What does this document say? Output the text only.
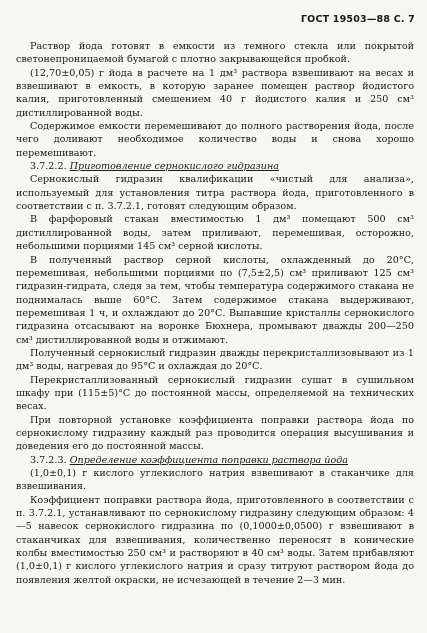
ГОСТ 19503—88 С. 7

Раствор йода готовят в емкости из темного стекла или покрытой светонепроницаемой бумагой с плотно закрывающейся пробкой.

(12,70±0,05) г йода в расчете на 1 дм³ раствора взвешивают на весах и взвешивают в емкость, в которую заранее помещен раствор йодистого калия, приготовленный смешением 40 г йодистого калия и 250 см³ дистиллированной воды.

Содержимое емкости перемешивают до полного растворения йода, после чего доливают необходимое количество воды и снова хорошо перемешивают.

3.7.2.2. Приготовление сернокислого гидразина

Сернокислый гидразин квалификации «чистый для анализа», используемый для установления титра раствора йода, приготовленного в соответствии с п. 3.7.2.1, готовят следующим образом.

В фарфоровый стакан вместимостью 1 дм³ помещают 500 см³ дистиллированной воды, затем приливают, перемешивая, осторожно, небольшими порциями 145 см³ серной кислоты.

В полученный раствор серной кислоты, охлажденный до 20°С, перемешивая, небольшими порциями по (7,5±2,5) см³ приливают 125 см³ гидразин-гидрата, следя за тем, чтобы температура содержимого стакана не поднималась выше 60°С. Затем содержимое стакана выдерживают, перемешивая 1 ч, и охлаждают до 20°С. Выпавшие кристаллы сернокислого гидразина отсасывают на воронке Бюхнера, промывают дважды 200—250 см³ дистиллированной воды и отжимают.

Полученный сернокислый гидразин дважды перекристаллизовывают из 1 дм³ воды, нагревая до 95°С и охлаждая до 20°С.

Перекристаллизованный сернокислый гидразин сушат в сушильном шкафу при (115±5)°С до постоянной массы, определяемой на технических весах.

При повторной установке коэффициента поправки раствора йода по сернокислому гидразину каждый раз проводится операция высушивания и доведения его до постоянной массы.

3.7.2.3. Определение коэффициента поправки раствора йода

(1,0±0,1) г кислого углекислого натрия взвешивают в стаканчике для взвешивания.

Коэффициент поправки раствора йода, приготовленного в соответствии с п. 3.7.2.1, устанавливают по сернокислому гидразину следующим образом: 4—5 навесок сернокислого гидразина по (0,1000±0,0500) г взвешивают в стаканчиках для взвешивания, количественно переносят в конические колбы вместимостью 250 см³ и растворяют в 40 см³ воды. Затем прибавляют (1,0±0,1) г кислого углекислого натрия и сразу титруют раствором йода до появления желтой окраски, не исчезающей в течение 2—3 мин.
